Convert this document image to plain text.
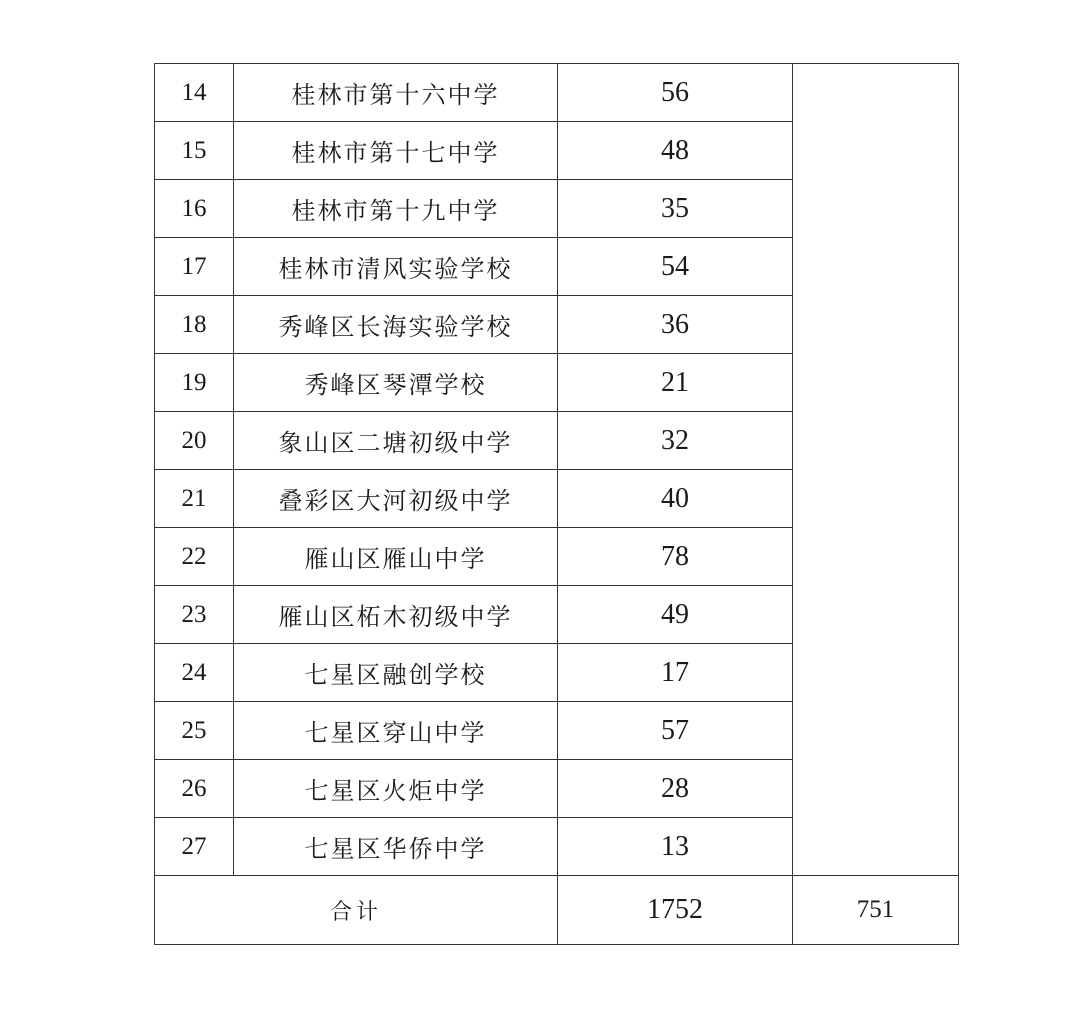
14	桂林市第十六中学	56	
15	桂林市第十七中学	48	
16	桂林市第十九中学	35	
17	桂林市清风实验学校	54	
18	秀峰区长海实验学校	36	
19	秀峰区琴潭学校	21	
20	象山区二塘初级中学	32	
21	叠彩区大河初级中学	40	
22	雁山区雁山中学	78	
23	雁山区柘木初级中学	49	
24	七星区融创学校	17	
25	七星区穿山中学	57	
26	七星区火炬中学	28	
27	七星区华侨中学	13	
合计		1752	751
